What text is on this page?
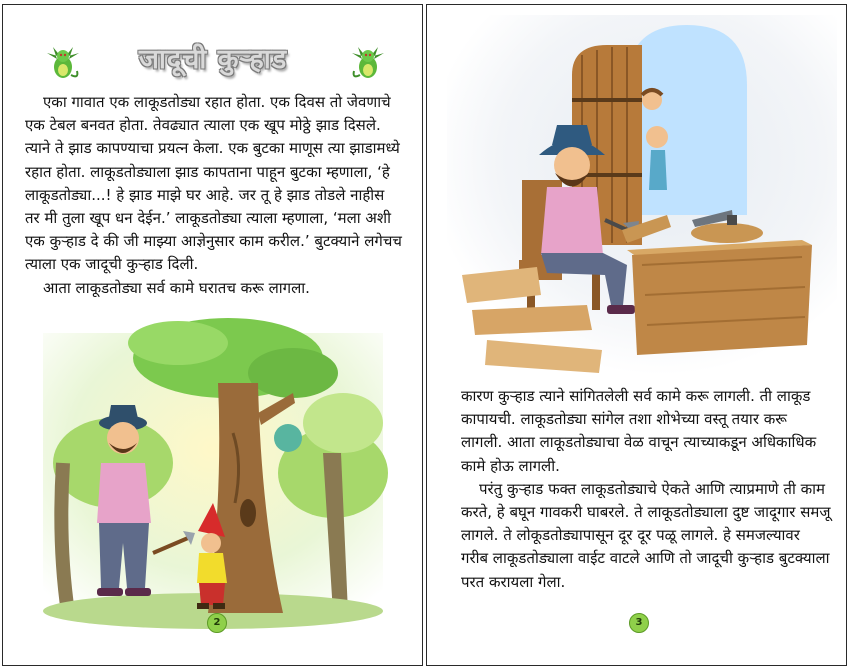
जादूची कुऱ्हाड

एका गावात एक लाकूडतोड्या रहात होता. एक दिवस तो जेवणाचे एक टेबल बनवत होता. तेवढ्यात त्याला एक खूप मोठ्ठे झाड दिसले. त्याने ते झाड कापण्याचा प्रयत्न केला. एक बुटका माणूस त्या झाडामध्ये रहात होता. लाकूडतोड्याला झाड कापताना पाहून बुटका म्हणाला, ‘हे लाकूडतोड्या...! हे झाड माझे घर आहे. जर तू हे झाड तोडले नाहीस तर मी तुला खूप धन देईन.’ लाकूडतोड्या त्याला म्हणाला, ‘मला अशी एक कुऱ्हाड दे की जी माझ्या आज्ञेनुसार काम करील.’ बुटक्याने लगेचच त्याला एक जादूची कुऱ्हाड दिली.

आता लाकूडतोड्या सर्व कामे घरातच करू लागला.

2

कारण कुऱ्हाड त्याने सांगितलेली सर्व कामे करू लागली. ती लाकूड कापायची. लाकूडतोड्या सांगेल तशा शोभेच्या वस्तू तयार करू लागली. आता लाकूडतोड्याचा वेळ वाचून त्याच्याकडून अधिकाधिक कामे होऊ लागली.

परंतु कुऱ्हाड फक्त लाकूडतोड्याचे ऐकते आणि त्याप्रमाणे ती काम करते, हे बघून गावकरी घाबरले. ते लाकूडतोड्याला दुष्ट जादूगार समजू लागले. ते लोकूडतोड्यापासून दूर दूर पळू लागले. हे समजल्यावर गरीब लाकूडतोड्याला वाईट वाटले आणि तो जादूची कुऱ्हाड बुटक्याला परत करायला गेला.

3
